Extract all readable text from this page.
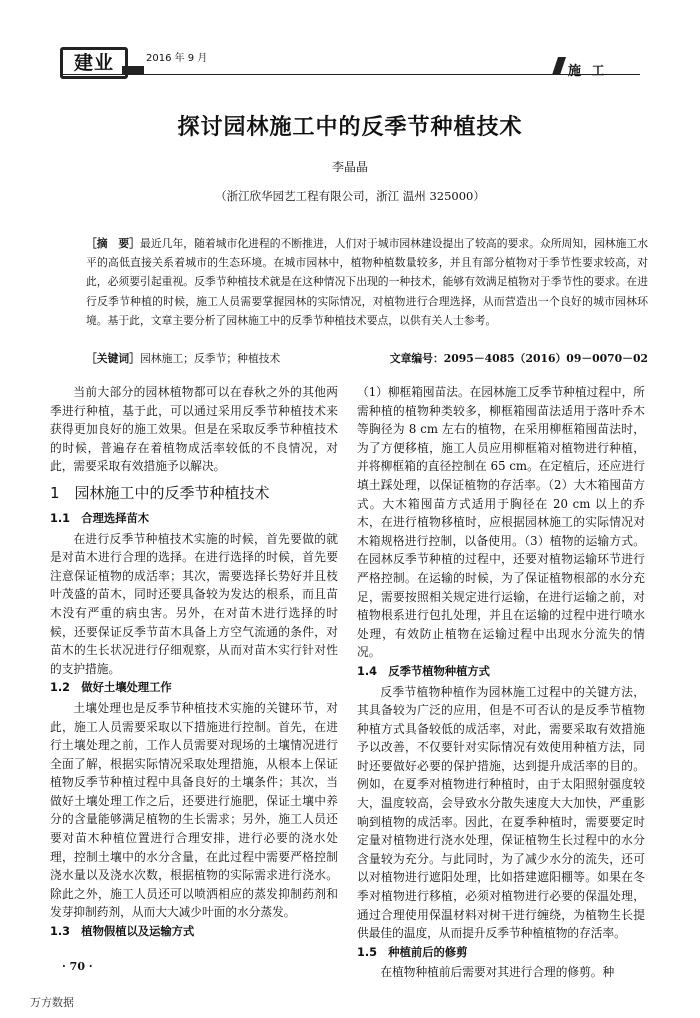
建业	2016 年 9 月
施 工
探讨园林施工中的反季节种植技术
李晶晶
（浙江欣华园艺工程有限公司，浙江 温州 325000）
［摘　要］最近几年，随着城市化进程的不断推进，人们对于城市园林建设提出了较高的要求。众所周知，园林施工水平的高低直接关系着城市的生态环境。在城市园林中，植物种植数量较多，并且有部分植物对于季节性要求较高，对此，必须要引起重视。反季节种植技术就是在这种情况下出现的一种技术，能够有效满足植物对于季节性的要求。在进行反季节种植的时候，施工人员需要掌握园林的实际情况，对植物进行合理选择，从而营造出一个良好的城市园林环境。基于此，文章主要分析了园林施工中的反季节种植技术要点，以供有关人士参考。
［关键词］园林施工；反季节；种植技术	文章编号：2095－4085（2016）09－0070－02

当前大部分的园林植物都可以在春秋之外的其他两季进行种植，基于此，可以通过采用反季节种植技术来获得更加良好的施工效果。但是在采取反季节种植技术的时候，普遍存在着植物成活率较低的不良情况，对此，需要采取有效措施予以解决。

1　园林施工中的反季节种植技术

1.1　合理选择苗木

在进行反季节种植技术实施的时候，首先要做的就是对苗木进行合理的选择。在进行选择的时候，首先要注意保证植物的成活率；其次，需要选择长势好并且枝叶茂盛的苗木，同时还要具备较为发达的根系，而且苗木没有严重的病虫害。另外，在对苗木进行选择的时候，还要保证反季节苗木具备上方空气流通的条件，对苗木的生长状况进行仔细观察，从而对苗木实行针对性的支护措施。

1.2　做好土壤处理工作

土壤处理也是反季节种植技术实施的关键环节，对此，施工人员需要采取以下措施进行控制。首先，在进行土壤处理之前，工作人员需要对现场的土壤情况进行全面了解，根据实际情况采取处理措施，从根本上保证植物反季节种植过程中具备良好的土壤条件；其次，当做好土壤处理工作之后，还要进行施肥，保证土壤中养分的含量能够满足植物的生长需求；另外，施工人员还要对苗木种植位置进行合理安排，进行必要的浇水处理，控制土壤中的水分含量，在此过程中需要严格控制浇水量以及浇水次数，根据植物的实际需求进行浇水。除此之外，施工人员还可以喷洒相应的蒸发抑制药剂和发芽抑制药剂，从而大大减少叶面的水分蒸发。

1.3　植物假植以及运输方式

（1）柳框箱囤苗法。在园林施工反季节种植过程中，所需种植的植物种类较多，柳框箱囤苗法适用于落叶乔木等胸径为 8 cm 左右的植物，在采用柳框箱囤苗法时，为了方便移植，施工人员应用柳框箱对植物进行种植，并将柳框箱的直径控制在 65 cm。在定植后，还应进行填土踩处理，以保证植物的存活率。（2）大木箱囤苗方式。大木箱囤苗方式适用于胸径在 20 cm 以上的乔木，在进行植物移植时，应根据园林施工的实际情况对木箱规格进行控制，以备使用。（3）植物的运输方式。在园林反季节种植的过程中，还要对植物运输环节进行严格控制。在运输的时候，为了保证植物根部的水分充足，需要按照相关规定进行运输，在进行运输之前，对植物根系进行包扎处理，并且在运输的过程中进行喷水处理，有效防止植物在运输过程中出现水分流失的情况。

1.4　反季节植物种植方式

反季节植物种植作为园林施工过程中的关键方法，其具备较为广泛的应用，但是不可否认的是反季节植物种植方式具备较低的成活率，对此，需要采取有效措施予以改善，不仅要针对实际情况有效使用种植方法，同时还要做好必要的保护措施，达到提升成活率的目的。例如，在夏季对植物进行种植时，由于太阳照射强度较大，温度较高，会导致水分散失速度大大加快，严重影响到植物的成活率。因此，在夏季种植时，需要要定时定量对植物进行浇水处理，保证植物生长过程中的水分含量较为充分。与此同时，为了减少水分的流失，还可以对植物进行遮阳处理，比如搭建遮阳棚等。如果在冬季对植物进行移植，必须对植物进行必要的保温处理，通过合理使用保温材料对树干进行缠绕，为植物生长提供最佳的温度，从而提升反季节种植植物的存活率。

1.5　种植前后的修剪

在植物种植前后需要对其进行合理的修剪。种

· 70 ·
万方数据
